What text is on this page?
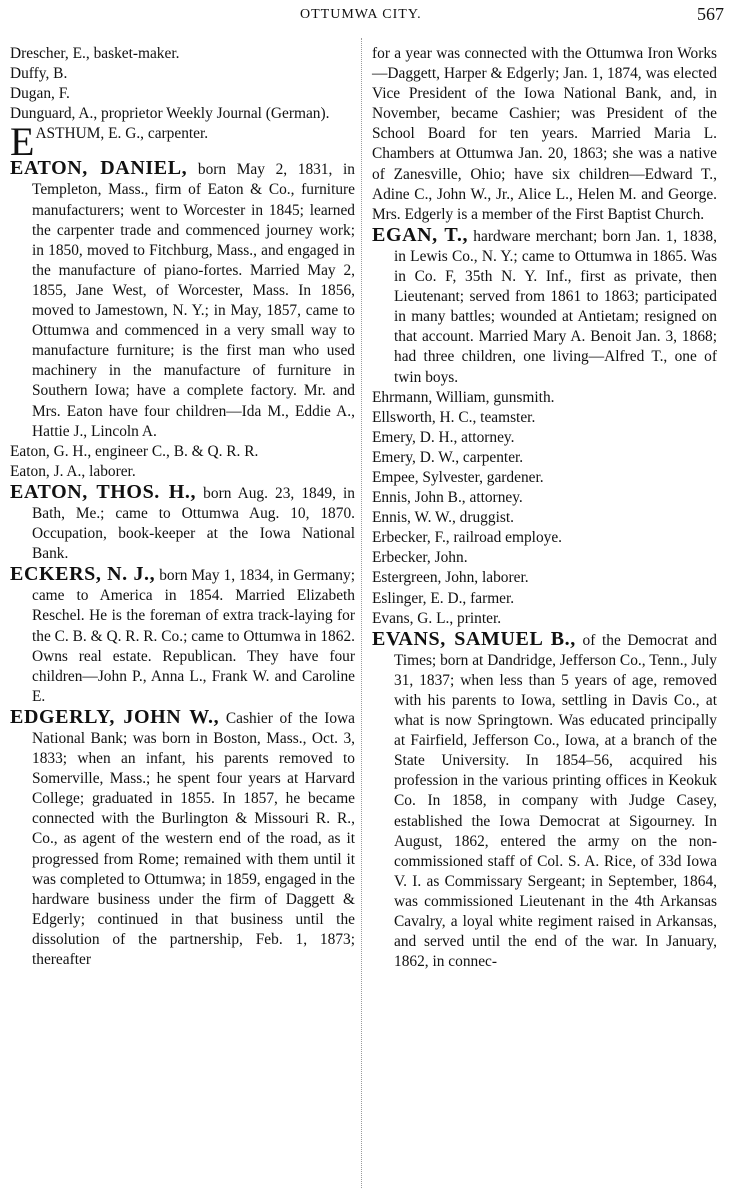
OTTUMWA CITY.	567
Drescher, E., basket-maker.
Duffy, B.
Dugan, F.
Dunguard, A., proprietor Weekly Journal (German).
EASTHUM, E. G., carpenter.
EATON, DANIEL, born May 2, 1831, in Templeton, Mass., firm of Eaton & Co., furniture manufacturers; went to Worcester in 1845; learned the carpenter trade and commenced journey work; in 1850, moved to Fitchburg, Mass., and engaged in the manufacture of piano-fortes. Married May 2, 1855, Jane West, of Worcester, Mass. In 1856, moved to Jamestown, N. Y.; in May, 1857, came to Ottumwa and commenced in a very small way to manufacture furniture; is the first man who used machinery in the manufacture of furniture in Southern Iowa; have a complete factory. Mr. and Mrs. Eaton have four children—Ida M., Eddie A., Hattie J., Lincoln A.
Eaton, G. H., engineer C., B. & Q. R. R.
Eaton, J. A., laborer.
EATON, THOS. H., born Aug. 23, 1849, in Bath, Me.; came to Ottumwa Aug. 10, 1870. Occupation, book-keeper at the Iowa National Bank.
ECKERS, N. J., born May 1, 1834, in Germany; came to America in 1854. Married Elizabeth Reschel. He is the foreman of extra track-laying for the C. B. & Q. R. R. Co.; came to Ottumwa in 1862. Owns real estate. Republican. They have four children—John P., Anna L., Frank W. and Caroline E.
EDGERLY, JOHN W., Cashier of the Iowa National Bank; was born in Boston, Mass., Oct. 3, 1833; when an infant, his parents removed to Somerville, Mass.; he spent four years at Harvard College; graduated in 1855. In 1857, he became connected with the Burlington & Missouri R. R., Co., as agent of the western end of the road, as it progressed from Rome; remained with them until it was completed to Ottumwa; in 1859, engaged in the hardware business under the firm of Daggett & Edgerly; continued in that business until the dissolution of the partnership, Feb. 1, 1873; thereafter
for a year was connected with the Ottumwa Iron Works—Daggett, Harper & Edgerly; Jan. 1, 1874, was elected Vice President of the Iowa National Bank, and, in November, became Cashier; was President of the School Board for ten years. Married Maria L. Chambers at Ottumwa Jan. 20, 1863; she was a native of Zanesville, Ohio; have six children—Edward T., Adine C., John W., Jr., Alice L., Helen M. and George. Mrs. Edgerly is a member of the First Baptist Church.
EGAN, T., hardware merchant; born Jan. 1, 1838, in Lewis Co., N. Y.; came to Ottumwa in 1865. Was in Co. F, 35th N. Y. Inf., first as private, then Lieutenant; served from 1861 to 1863; participated in many battles; wounded at Antietam; resigned on that account. Married Mary A. Benoit Jan. 3, 1868; had three children, one living—Alfred T., one of twin boys.
Ehrmann, William, gunsmith.
Ellsworth, H. C., teamster.
Emery, D. H., attorney.
Emery, D. W., carpenter.
Empee, Sylvester, gardener.
Ennis, John B., attorney.
Ennis, W. W., druggist.
Erbecker, F., railroad employe.
Erbecker, John.
Estergreen, John, laborer.
Eslinger, E. D., farmer.
Evans, G. L., printer.
EVANS, SAMUEL B., of the Democrat and Times; born at Dandridge, Jefferson Co., Tenn., July 31, 1837; when less than 5 years of age, removed with his parents to Iowa, settling in Davis Co., at what is now Springtown. Was educated principally at Fairfield, Jefferson Co., Iowa, at a branch of the State University. In 1854–56, acquired his profession in the various printing offices in Keokuk Co. In 1858, in company with Judge Casey, established the Iowa Democrat at Sigourney. In August, 1862, entered the army on the non-commissioned staff of Col. S. A. Rice, of 33d Iowa V. I. as Commissary Sergeant; in September, 1864, was commissioned Lieutenant in the 4th Arkansas Cavalry, a loyal white regiment raised in Arkansas, and served until the end of the war. In January, 1862, in connec-
